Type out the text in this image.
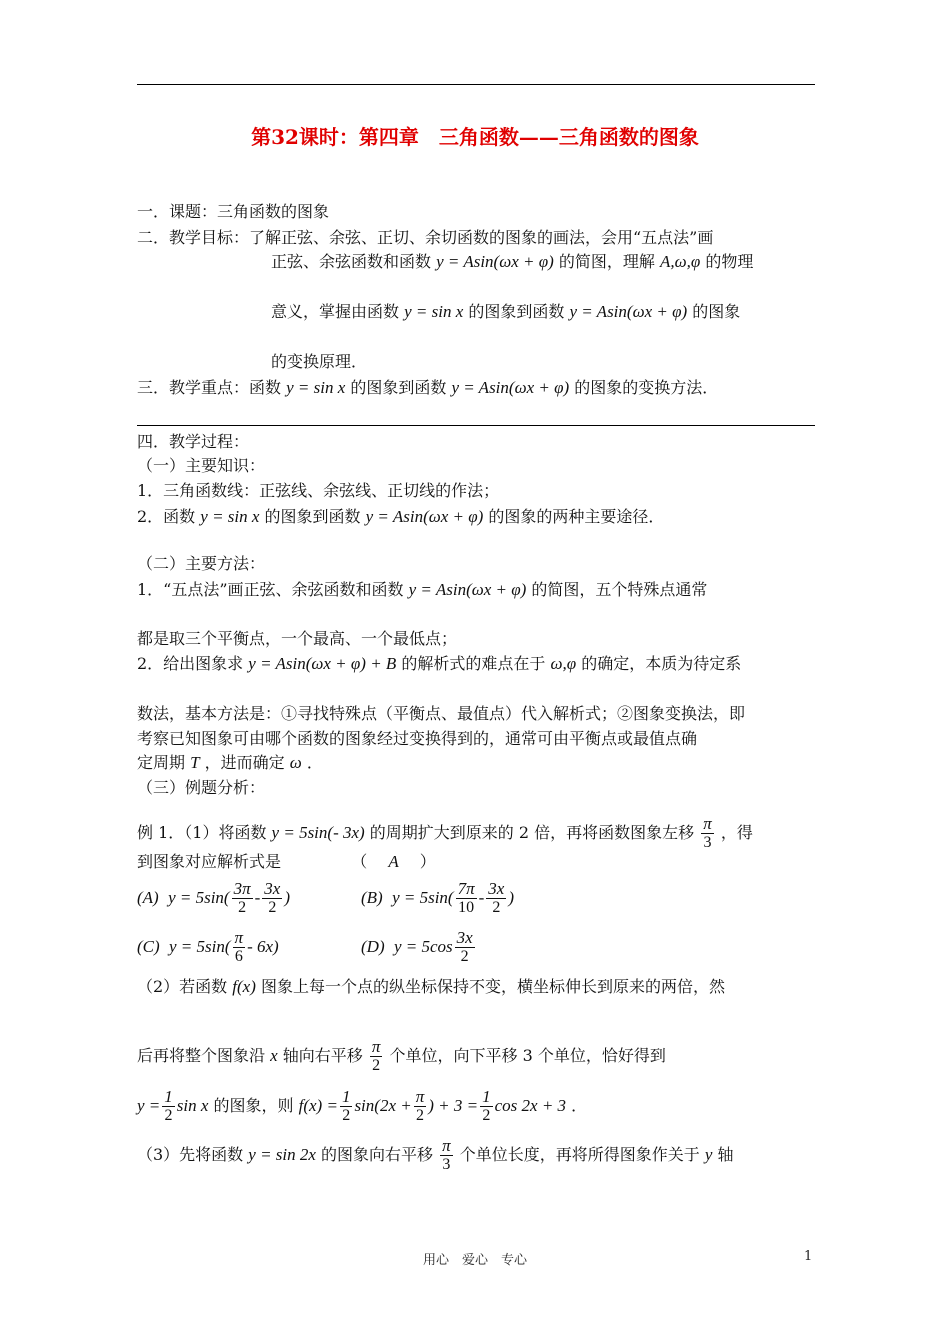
第32课时：第四章　三角函数——三角函数的图象
一．课题：三角函数的图象
二．教学目标：了解正弦、余弦、正切、余切函数的图象的画法，会用“五点法”画
正弦、余弦函数和函数 y = Asin(ωx + φ) 的简图，理解 A,ω,φ 的物理
意义，掌握由函数 y = sin x 的图象到函数 y = Asin(ωx + φ) 的图象
的变换原理．
三．教学重点：函数 y = sin x 的图象到函数 y = Asin(ωx + φ) 的图象的变换方法．
四．教学过程：
（一）主要知识：
1．三角函数线：正弦线、余弦线、正切线的作法；
2．函数 y = sin x 的图象到函数 y = Asin(ωx + φ) 的图象的两种主要途径．
（二）主要方法：
1．“五点法”画正弦、余弦函数和函数 y = Asin(ωx + φ) 的简图，五个特殊点通常
都是取三个平衡点，一个最高、一个最低点；
2．给出图象求 y = Asin(ωx + φ) + B 的解析式的难点在于 ω,φ 的确定，本质为待定系
数法，基本方法是：①寻找特殊点（平衡点、最值点）代入解析式；②图象变换法，即
考察已知图象可由哪个函数的图象经过变换得到的，通常可由平衡点或最值点确
定周期 T ，进而确定 ω ．
（三）例题分析：
例 1．（1）将函数 y = 5sin(- 3x) 的周期扩大到原来的 2 倍，再将函数图象左移 $\frac{\pi}{3}$ ，得
到图象对应解析式是	（　 A 　）
(A)  $y = 5\sin( \frac{3\pi}{2} - \frac{3x}{2}$ )	(B)  $y = 5\sin( \frac{7\pi}{10} - \frac{3x}{2}$ )
(C)  $y = 5\sin( \frac{\pi}{6} - 6x)$	(D)  $y = 5\cos \frac{3x}{2}$
（2）若函数 f(x) 图象上每一个点的纵坐标保持不变，横坐标伸长到原来的两倍，然
后再将整个图象沿 x 轴向右平移 $\frac{\pi}{2}$ 个单位，向下平移 3 个单位，恰好得到
$y = \frac{1}{2}$ sin x 的图象，则 $f(x) = \frac{1}{2} \sin(2x + \frac{\pi}{2}$ ) + $3 = \frac{1}{2}$ cos 2x + 3 ．
（3）先将函数 y = sin 2x 的图象向右平移 $\frac{\pi}{3}$ 个单位长度，再将所得图象作关于 y 轴
用心　爱心　专心	1
